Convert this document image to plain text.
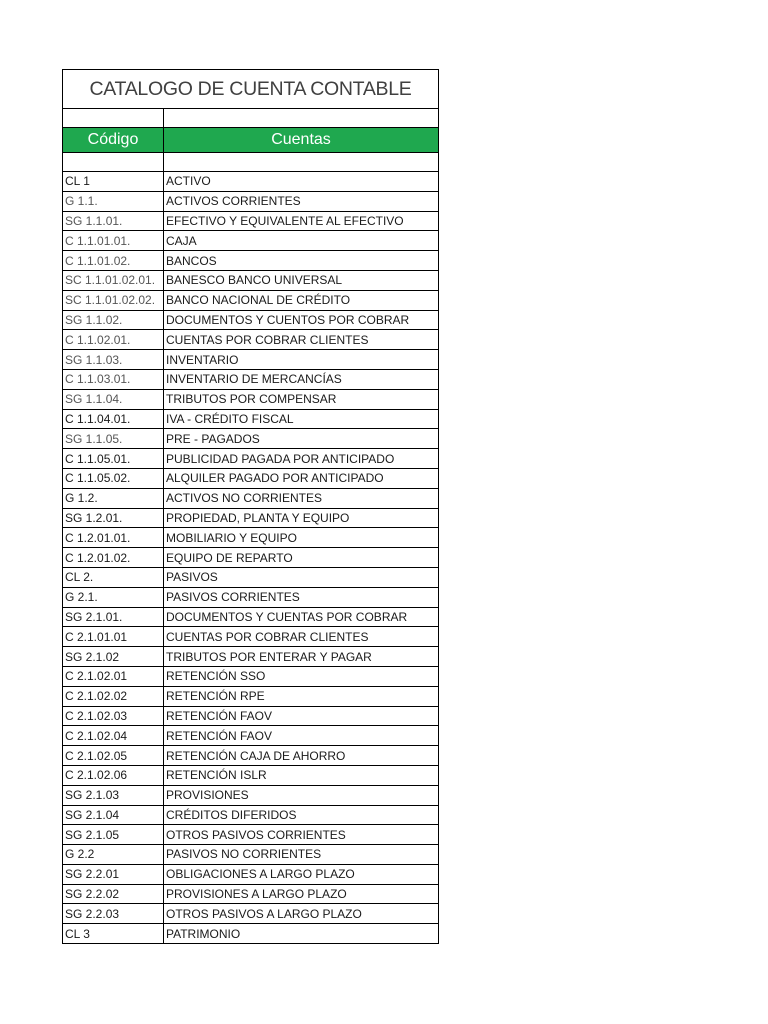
CATALOGO DE CUENTA CONTABLE	

Código	Cuentas

CL 1	ACTIVO
G 1.1.	ACTIVOS CORRIENTES
SG 1.1.01.	EFECTIVO Y EQUIVALENTE AL EFECTIVO
C 1.1.01.01.	CAJA
C 1.1.01.02.	BANCOS
SC 1.1.01.02.01.	BANESCO BANCO UNIVERSAL
SC 1.1.01.02.02.	BANCO NACIONAL DE CRÉDITO
SG 1.1.02.	DOCUMENTOS Y CUENTOS POR COBRAR
C 1.1.02.01.	CUENTAS POR COBRAR CLIENTES
SG 1.1.03.	INVENTARIO
C 1.1.03.01.	INVENTARIO DE MERCANCÍAS
SG 1.1.04.	TRIBUTOS POR COMPENSAR
C 1.1.04.01.	IVA - CRÉDITO FISCAL
SG 1.1.05.	PRE - PAGADOS
C 1.1.05.01.	PUBLICIDAD PAGADA POR ANTICIPADO
C 1.1.05.02.	ALQUILER PAGADO POR ANTICIPADO
G 1.2.	ACTIVOS NO CORRIENTES
SG 1.2.01.	PROPIEDAD, PLANTA Y EQUIPO
C 1.2.01.01.	MOBILIARIO Y EQUIPO
C 1.2.01.02.	EQUIPO DE REPARTO
CL 2.	PASIVOS
G 2.1.	PASIVOS CORRIENTES
SG 2.1.01.	DOCUMENTOS Y CUENTAS POR COBRAR
C 2.1.01.01	CUENTAS POR COBRAR CLIENTES
SG 2.1.02	TRIBUTOS POR ENTERAR Y PAGAR
C 2.1.02.01	RETENCIÓN SSO
C 2.1.02.02	RETENCIÓN RPE
C 2.1.02.03	RETENCIÓN FAOV
C 2.1.02.04	RETENCIÓN FAOV
C 2.1.02.05	RETENCIÓN CAJA DE AHORRO
C 2.1.02.06	RETENCIÓN ISLR
SG 2.1.03	PROVISIONES
SG 2.1.04	CRÉDITOS DIFERIDOS
SG 2.1.05	OTROS PASIVOS CORRIENTES
G 2.2	PASIVOS NO CORRIENTES
SG 2.2.01	OBLIGACIONES A LARGO PLAZO
SG 2.2.02	PROVISIONES A LARGO PLAZO
SG 2.2.03	OTROS PASIVOS A LARGO PLAZO
CL 3	PATRIMONIO
